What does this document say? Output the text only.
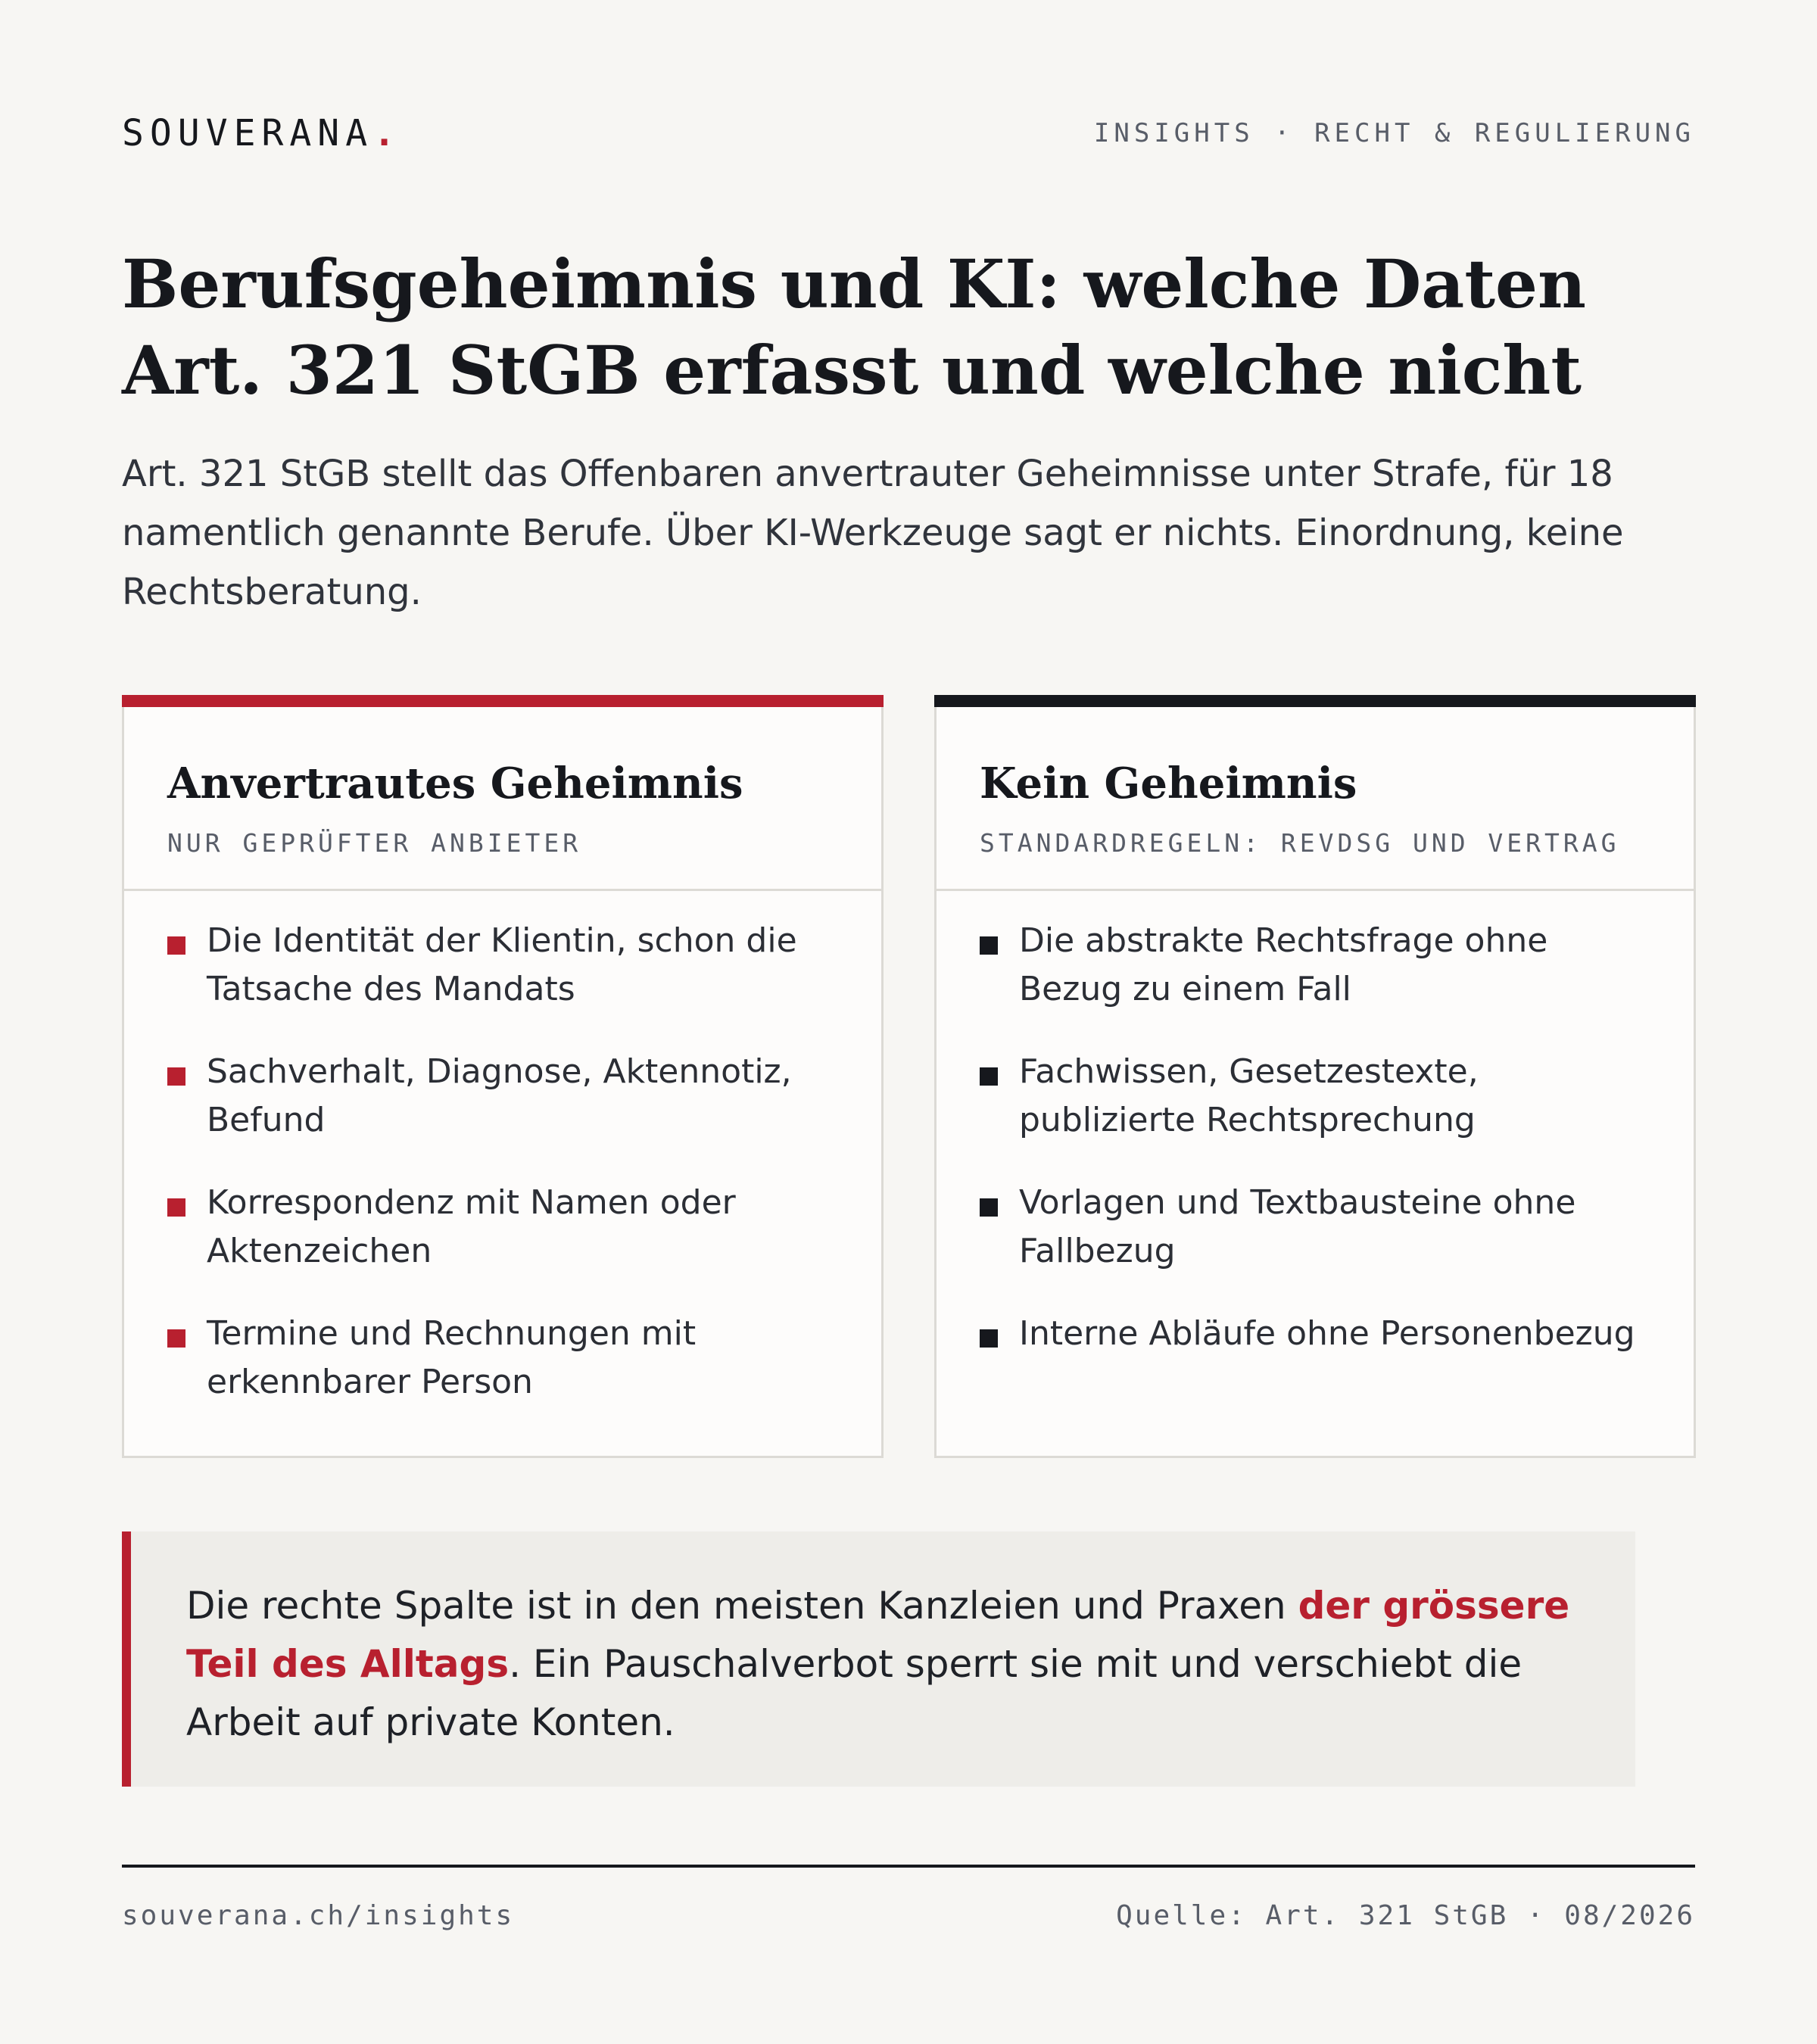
SOUVERANA.	INSIGHTS · RECHT & REGULIERUNG
Berufsgeheimnis und KI: welche Daten Art. 321 StGB erfasst und welche nicht

Art. 321 StGB stellt das Offenbaren anvertrauter Geheimnisse unter Strafe, für 18 namentlich genannte Berufe. Über KI-Werkzeuge sagt er nichts. Einordnung, keine Rechtsberatung.

Anvertrautes Geheimnis
NUR GEPRÜFTER ANBIETER
Die Identität der Klientin, schon die Tatsache des Mandats
Sachverhalt, Diagnose, Aktennotiz, Befund
Korrespondenz mit Namen oder Aktenzeichen
Termine und Rechnungen mit erkennbarer Person
Kein Geheimnis
STANDARDREGELN: REVDSG UND VERTRAG
Die abstrakte Rechtsfrage ohne Bezug zu einem Fall
Fachwissen, Gesetzestexte, publizierte Rechtsprechung
Vorlagen und Textbausteine ohne Fallbezug
Interne Abläufe ohne Personenbezug
Die rechte Spalte ist in den meisten Kanzleien und Praxen der grössere Teil des Alltags. Ein Pauschalverbot sperrt sie mit und verschiebt die Arbeit auf private Konten.
souverana.ch/insights	Quelle: Art. 321 StGB · 08/2026
